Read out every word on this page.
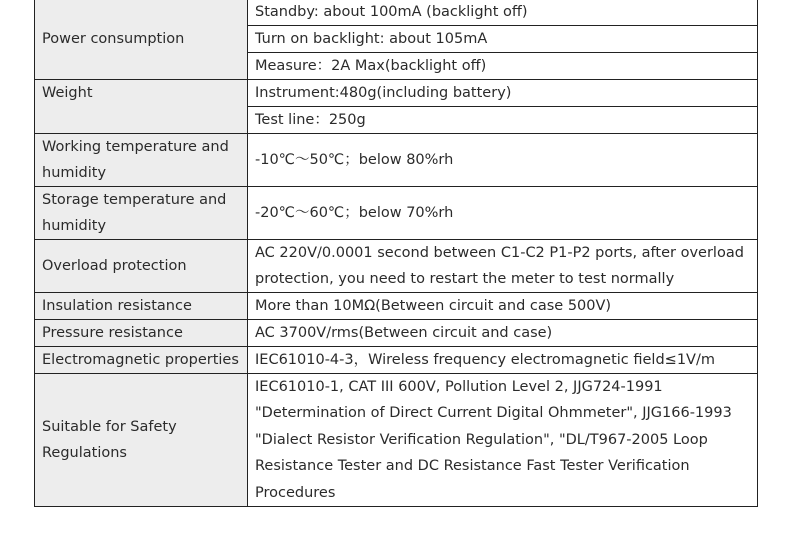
Power consumption	Standby: about 100mA (backlight off)
	Turn on backlight: about 105mA
	Measure：2A Max(backlight off)
Weight	Instrument:480g(including battery)
	Test line：250g
Working temperature and humidity	-10℃～50℃；below 80%rh
Storage temperature and humidity	-20℃～60℃；below 70%rh
Overload protection	AC 220V/0.0001 second between C1-C2 P1-P2 ports, after overload protection, you need to restart the meter to test normally
Insulation resistance	More than 10MΩ(Between circuit and case 500V)
Pressure resistance	AC 3700V/rms(Between circuit and case)
Electromagnetic properties	IEC61010-4-3，Wireless frequency electromagnetic field≤1V/m
Suitable for Safety Regulations	IEC61010-1, CAT III 600V, Pollution Level 2, JJG724-1991 "Determination of Direct Current Digital Ohmmeter", JJG166-1993 "Dialect Resistor Verification Regulation", "DL/T967-2005 Loop Resistance Tester and DC Resistance Fast Tester Verification Procedures
